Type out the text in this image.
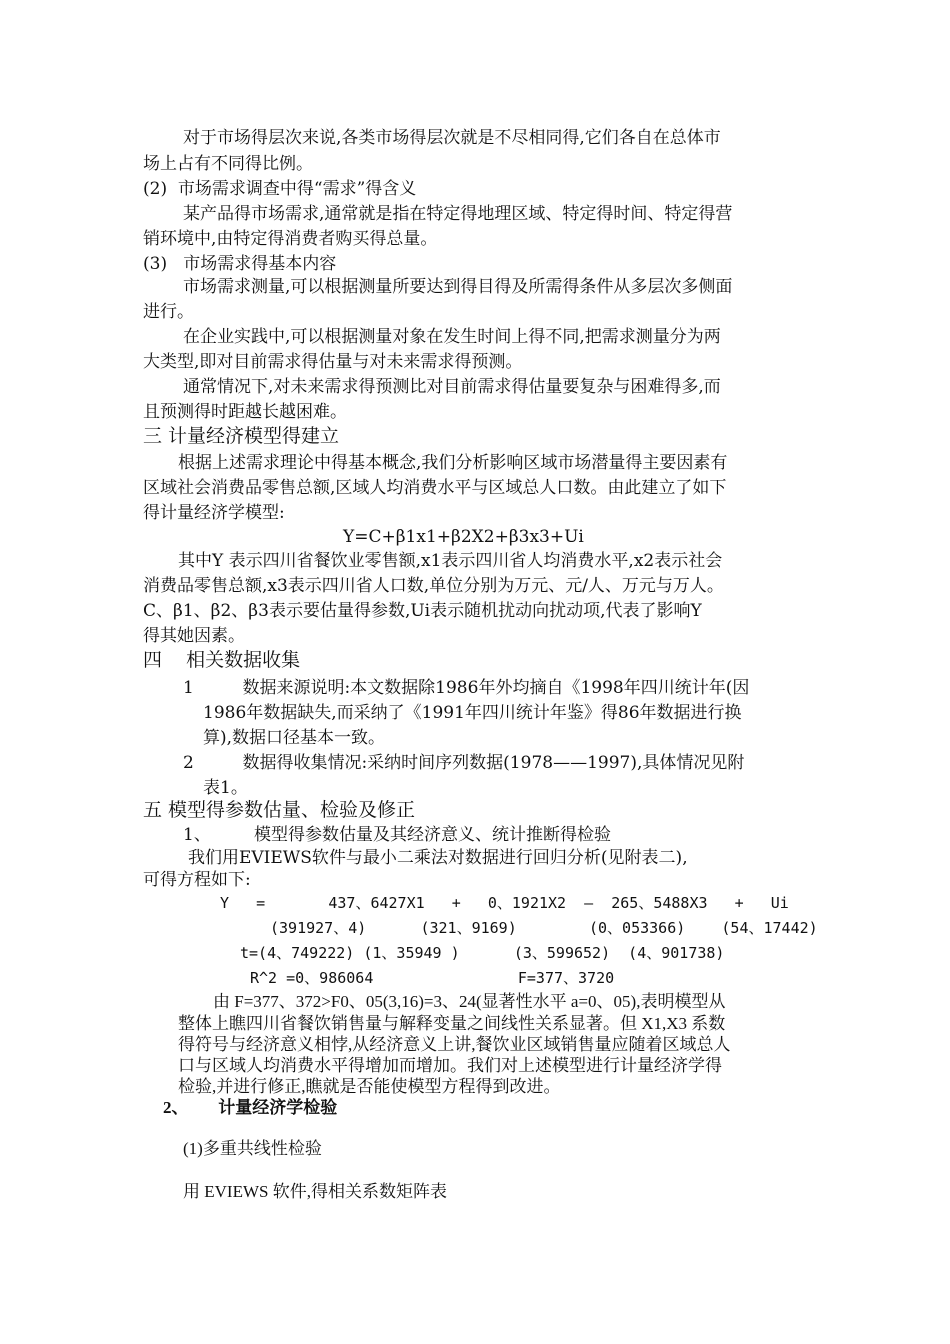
对于市场得层次来说,各类市场得层次就是不尽相同得,它们各自在总体市
场上占有不同得比例。
(2)  市场需求调查中得“需求”得含义
某产品得市场需求,通常就是指在特定得地理区域、特定得时间、特定得营
销环境中,由特定得消费者购买得总量。
(3)   市场需求得基本内容
市场需求测量,可以根据测量所要达到得目得及所需得条件从多层次多侧面
进行。
在企业实践中,可以根据测量对象在发生时间上得不同,把需求测量分为两
大类型,即对目前需求得估量与对未来需求得预测。
通常情况下,对未来需求得预测比对目前需求得估量要复杂与困难得多,而
且预测得时距越长越困难。
三 计量经济模型得建立
根据上述需求理论中得基本概念,我们分析影响区域市场潜量得主要因素有
区域社会消费品零售总额,区域人均消费水平与区域总人口数。由此建立了如下
得计量经济学模型:
Y=C+β1x1+β2X2+β3x3+Ui
其中Y 表示四川省餐饮业零售额,x1表示四川省人均消费水平,x2表示社会
消费品零售总额,x3表示四川省人口数,单位分别为万元、元/人、万元与万人。
C、β1、β2、β3表示要估量得参数,Ui表示随机扰动向扰动项,代表了影响Y
得其她因素。
四    相关数据收集
1         数据来源说明:本文数据除1986年外均摘自《1998年四川统计年(因
1986年数据缺失,而采纳了《1991年四川统计年鉴》得86年数据进行换
算),数据口径基本一致。
2         数据得收集情况:采纳时间序列数据(1978——1997),具体情况见附
表1。
五 模型得参数估量、检验及修正
1、        模型得参数估量及其经济意义、统计推断得检验
我们用EVIEWS软件与最小二乘法对数据进行回归分析(见附表二),
可得方程如下:
Y   =       437、6427X1   +   0、1921X2  –  265、5488X3   +   Ui
(391927、4)      (321、9169)        (0、053366)    (54、17442)
t=(4、749222) (1、35949 )      (3、599652)  (4、901738)
R^2 =0、986064                F=377、3720
由 F=377、372>F0、05(3,16)=3、24(显著性水平 a=0、05),表明模型从
整体上瞧四川省餐饮销售量与解释变量之间线性关系显著。但 X1,X3 系数
得符号与经济意义相悖,从经济意义上讲,餐饮业区域销售量应随着区域总人
口与区域人均消费水平得增加而增加。我们对上述模型进行计量经济学得
检验,并进行修正,瞧就是否能使模型方程得到改进。
2、       计量经济学检验
(1)多重共线性检验
用 EVIEWS 软件,得相关系数矩阵表
